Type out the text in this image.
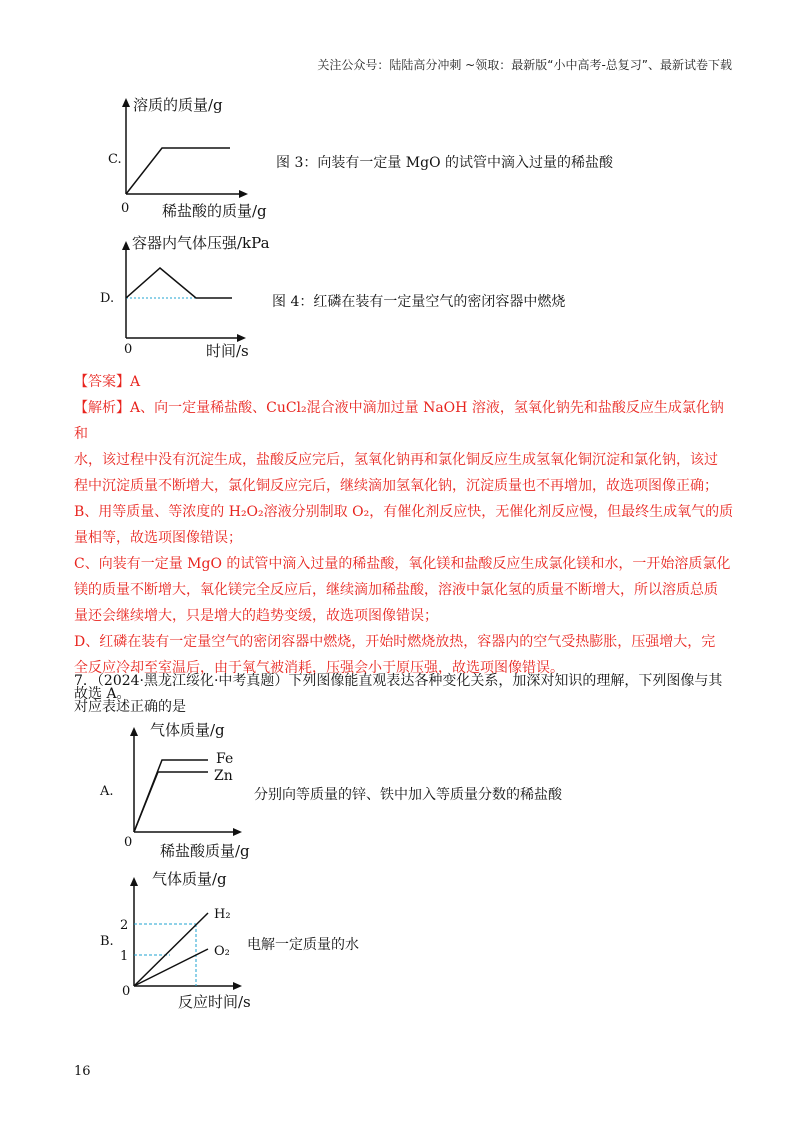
关注公众号：陆陆高分冲刺 ~领取：最新版“小中高考-总复习”、最新试卷下载
C.
溶质的质量/g
稀盐酸的质量/g
0
图 3：向装有一定量 MgO 的试管中滴入过量的稀盐酸
D.
容器内气体压强/kPa
时间/s
0
图 4：红磷在装有一定量空气的密闭容器中燃烧

【答案】A

【解析】A、向一定量稀盐酸、CuCl₂混合液中滴加过量 NaOH 溶液，氢氧化钠先和盐酸反应生成氯化钠和

水，该过程中没有沉淀生成，盐酸反应完后，氢氧化钠再和氯化铜反应生成氢氧化铜沉淀和氯化钠，该过

程中沉淀质量不断增大，氯化铜反应完后，继续滴加氢氧化钠，沉淀质量也不再增加，故选项图像正确；

B、用等质量、等浓度的 H₂O₂溶液分别制取 O₂，有催化剂反应快，无催化剂反应慢，但最终生成氧气的质

量相等，故选项图像错误；

C、向装有一定量 MgO 的试管中滴入过量的稀盐酸，氧化镁和盐酸反应生成氯化镁和水，一开始溶质氯化

镁的质量不断增大，氧化镁完全反应后，继续滴加稀盐酸，溶液中氯化氢的质量不断增大，所以溶质总质

量还会继续增大，只是增大的趋势变缓，故选项图像错误；

D、红磷在装有一定量空气的密闭容器中燃烧，开始时燃烧放热，容器内的空气受热膨胀，压强增大，完

全反应冷却至室温后，由于氧气被消耗，压强会小于原压强，故选项图像错误。

故选 A。

7．（2024·黑龙江绥化·中考真题）下列图像能直观表达各种变化关系，加深对知识的理解，下列图像与其

对应表述正确的是

A.
气体质量/g
稀盐酸质量/g
0
Fe
Zn
分别向等质量的锌、铁中加入等质量分数的稀盐酸
B.
气体质量/g
反应时间/s
0
2
1
H₂
O₂ 电解一定质量的水
16
